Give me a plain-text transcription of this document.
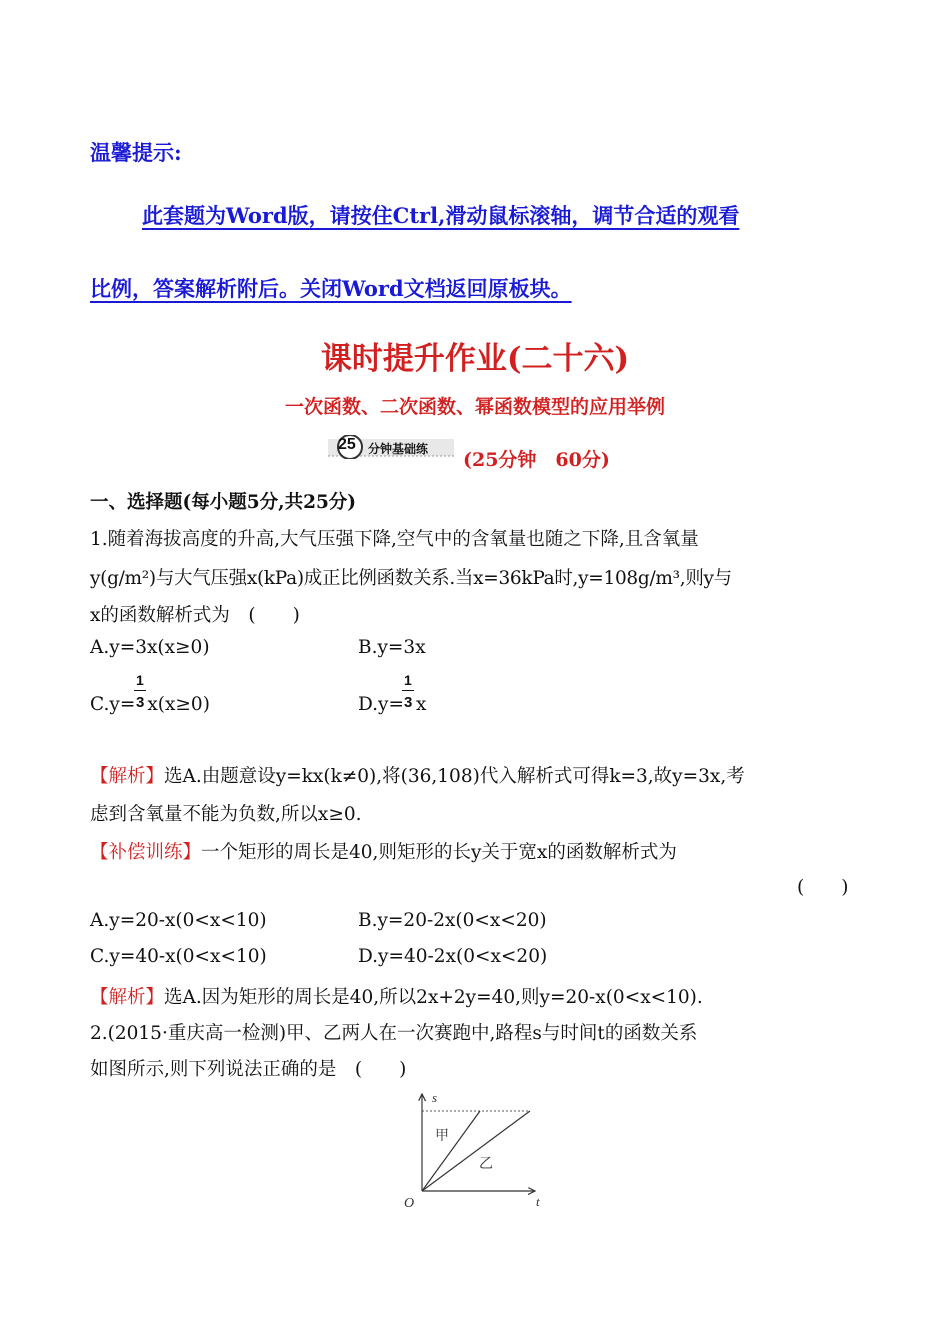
温馨提示:
此套题为Word版，请按住Ctrl,滑动鼠标滚轴，调节合适的观看
比例，答案解析附后。关闭Word文档返回原板块。
课时提升作业(二十六)
一次函数、二次函数、幂函数模型的应用举例
25 分钟基础练 (25分钟　60分)
一、选择题(每小题5分,共25分)
1.随着海拔高度的升高,大气压强下降,空气中的含氧量也随之下降,且含氧量
y(g/m²)与大气压强x(kPa)成正比例函数关系.当x=36kPa时,y=108g/m³,则y与
x的函数解析式为　(　　)
A.y=3x(x≥0)	B.y=3x
C.y= x(x≥0)
1
3	D.y= x
1
3
【解析】选A.由题意设y=kx(k≠0),将(36,108)代入解析式可得k=3,故y=3x,考
虑到含氧量不能为负数,所以x≥0.
【补偿训练】一个矩形的周长是40,则矩形的长y关于宽x的函数解析式为
(　　)
A.y=20-x(0<x<10)	B.y=20-2x(0<x<20)
C.y=40-x(0<x<10)	D.y=40-2x(0<x<20)
【解析】选A.因为矩形的周长是40,所以2x+2y=40,则y=20-x(0<x<10).
2.(2015·重庆高一检测)甲、乙两人在一次赛跑中,路程s与时间t的函数关系
如图所示,则下列说法正确的是　(　　)
s
t
O
甲
乙
